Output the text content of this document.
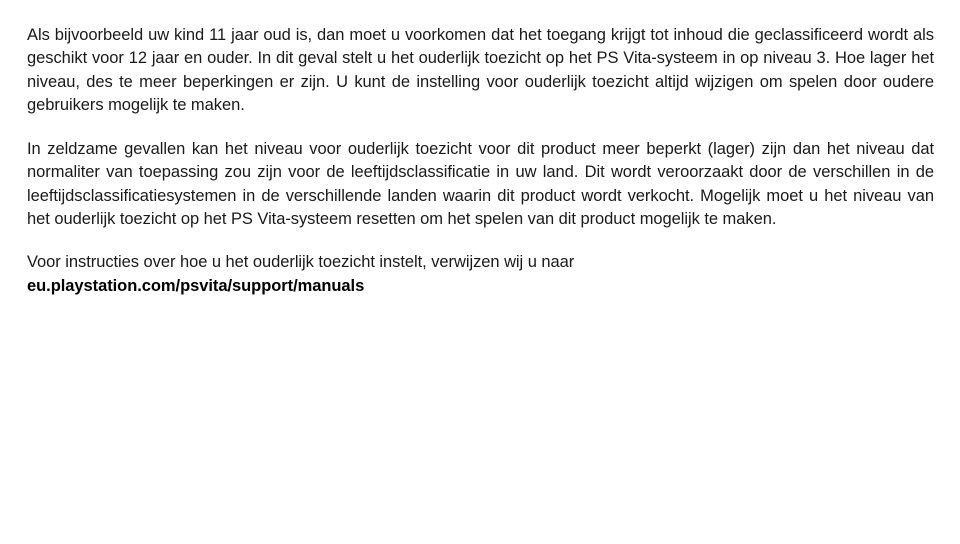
Als bijvoorbeeld uw kind 11 jaar oud is, dan moet u voorkomen dat het toegang krijgt tot inhoud die geclassificeerd wordt als geschikt voor 12 jaar en ouder. In dit geval stelt u het ouderlijk toezicht op het PS Vita-systeem in op niveau 3. Hoe lager het niveau, des te meer beperkingen er zijn. U kunt de instelling voor ouderlijk toezicht altijd wijzigen om spelen door oudere gebruikers mogelijk te maken.

In zeldzame gevallen kan het niveau voor ouderlijk toezicht voor dit product meer beperkt (lager) zijn dan het niveau dat normaliter van toepassing zou zijn voor de leeftijdsclassificatie in uw land. Dit wordt veroorzaakt door de verschillen in de leeftijdsclassificatiesystemen in de verschillende landen waarin dit product wordt verkocht. Mogelijk moet u het niveau van het ouderlijk toezicht op het PS Vita-systeem resetten om het spelen van dit product mogelijk te maken.

Voor instructies over hoe u het ouderlijk toezicht instelt, verwijzen wij u naar
eu.playstation.com/psvita/support/manuals
